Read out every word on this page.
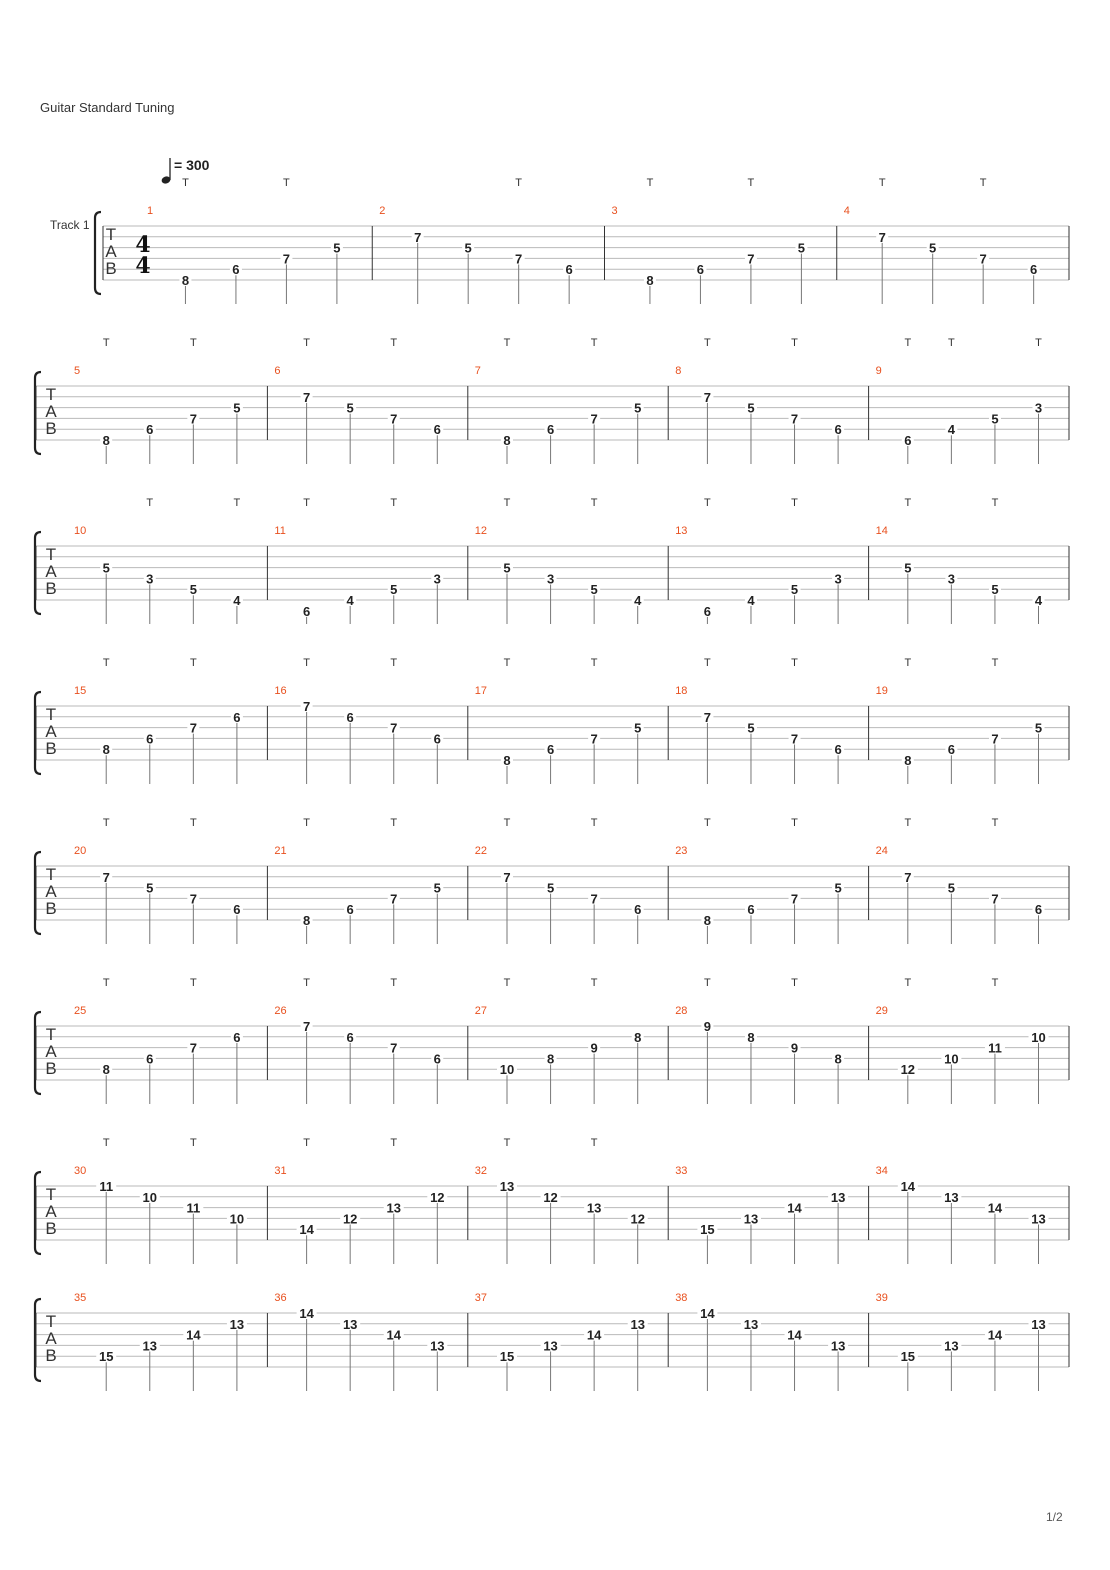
Guitar Standard Tuning
T
A
B
Track 1
4
4
= 300
1
8
6
7
5
T	T
2
7
5
7
6
T
3
8
6
7
5
T	T
4
7
5
7
6
T	T
T
A
B
5
8
6
7
5
T	T
6
7
5
7
6
T	T
7
8
6
7
5
T	T
8
7
5
7
6
T	T
9
6
4
5
3
T	T	T
T
A
B
10
5
3
5
4
T	T
11
6
4
5
3
T	T
12
5
3
5
4
T	T
13
6
4
5
3
T	T
14
5
3
5
4
T	T
T
A
B
15
8
6
7
6
T	T
16
7
6
7
6
T	T
17
8
6
7
5
T	T
18
7
5
7
6
T	T
19
8
6
7
5
T	T
T
A
B
20
7
5
7
6
T	T
21
8
6
7
5
T	T
22
7
5
7
6
T	T
23
8
6
7
5
T	T
24
7
5
7
6
T	T
T
A
B
25
8
6
7
6
T	T
26
7
6
7
6
T	T
27
10
8
9
8
T	T
28
9
8
9
8
T	T
29
12
10
11
10
T	T
T
A
B
30
11
10
11
10
T	T
31
14
12
13
12
T	T
32
13
12
13
12
T	T
33
15
13
14
13
34
14
13
14
13
T
A
B
35
15
13
14
13
36
14
13
14
13
37
15
13
14
13
38
14
13
14
13
39
15
13
14
13
1/2
